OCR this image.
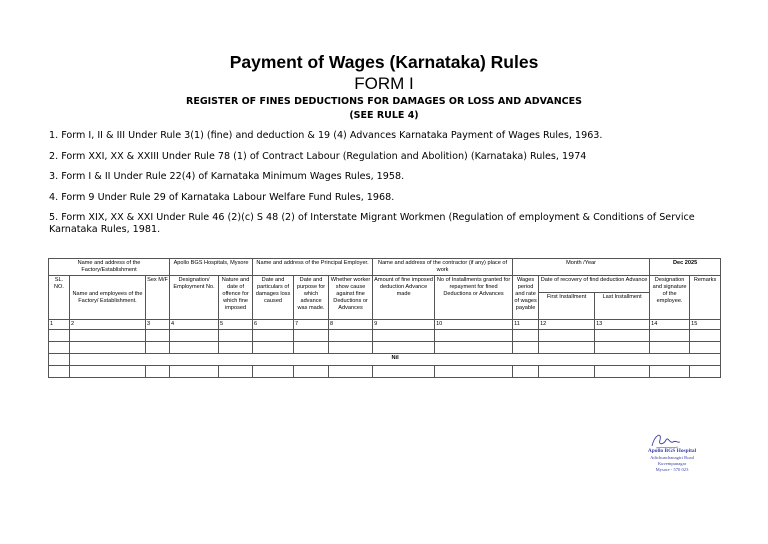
Payment of Wages (Karnataka) Rules
FORM I
REGISTER OF FINES DEDUCTIONS FOR DAMAGES OR LOSS AND ADVANCES
(SEE RULE 4)
1. Form I, II & III Under Rule 3(1) (fine) and deduction & 19 (4) Advances Karnataka Payment of Wages Rules, 1963.
2. Form XXI, XX & XXIII Under Rule 78 (1) of Contract Labour (Regulation and Abolition) (Karnataka) Rules, 1974
3. Form I & II Under Rule 22(4) of Karnataka Minimum Wages Rules, 1958.
4. Form 9 Under Rule 29 of Karnataka Labour Welfare Fund Rules, 1968.
5. Form XIX, XX & XXI Under Rule 46 (2)(c) S 48 (2) of Interstate Migrant Workmen (Regulation of employment & Conditions of Service Karnataka Rules, 1981.
Name and address of the Factory/Establishment			Apollo BGS Hospitals, Mysore		Name and address of the Principal Employer.			Name and address of the contractor (if any) place of work		Month /Year			Dec 2025	
SL. NO.	Name and employees of the Factory/ Establishment.	Sex M/F	Designation/ Employment No.	Nature and date of offence for which fine imposed	Date and particulars of damages loss caused	Date and purpose for which advance was made.	Whether worker show cause against fine Deductions or Advances	Amount of fine imposed deduction Advance made	No of Installments granted for repayment for fined Deductions or Advances	Wages period and rate of wages payable	Date of recovery of find deduction Advance		Designation and signature of the employee.	Remarks
											First Installment	Last Installment		
1	2	3	4	5	6	7	8	9	10	11	12	13	14	15

	Nil													

Apollo BGS Hospital
Adichunchanagiri Road
Kuvempunagar
Mysore - 570 023
